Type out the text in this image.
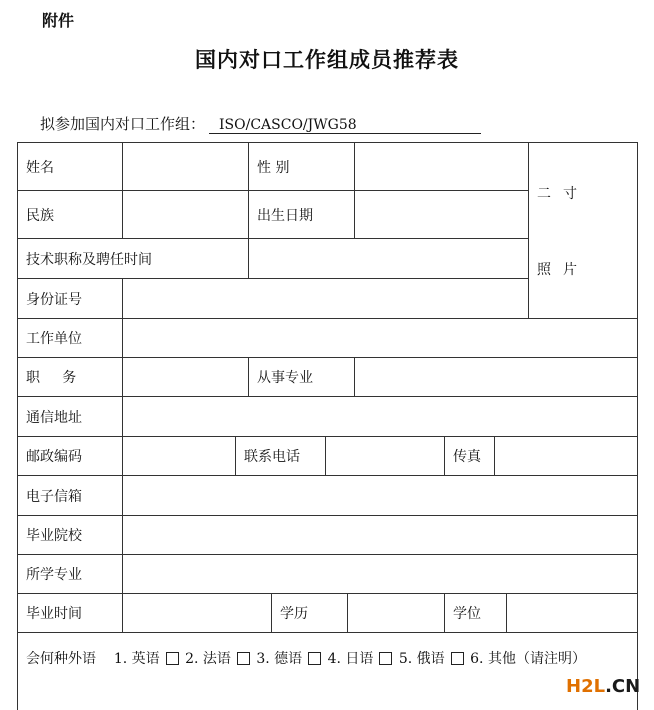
附件
国内对口工作组成员推荐表
拟参加国内对口工作组： ISO/CASCO/JWG58
姓名	性 别
二寸
照片
民族	出生日期
技术职称及聘任时间
身份证号
工作单位
职     务	从事专业
通信地址
邮政编码	联系电话	传真
电子信箱
毕业院校
所学专业
毕业时间	学历	学位
会何种外语 1. 英语 2. 法语 3. 德语 4. 日语 5. 俄语 6. 其他（请注明）
H2L.CN
